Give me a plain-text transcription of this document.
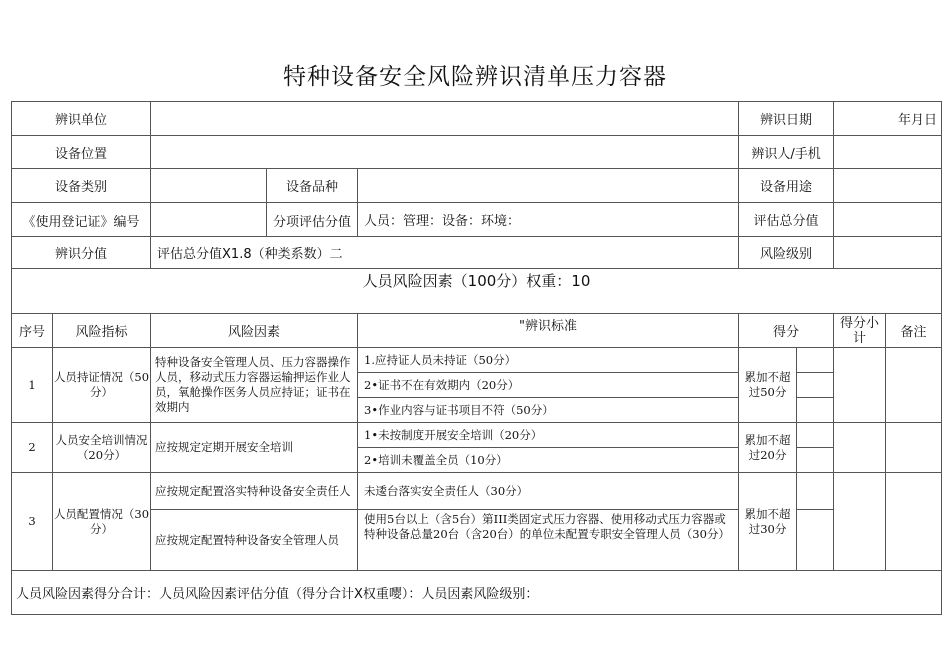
特种设备安全风险辨识清单压力容器
辨识单位					辨识日期		年月日	
设备位置					辨识人/手机			
设备类别			设备品种		设备用途			

《使用登记证》编号			分项评估分值	人员：管理：设备：环境：	评估总分值			
辨识分值		评估总分值X1.8（种类系数）二			风险级别			
人员风险因素（100分）权重：10								

序号	风险指标	风险因素		"辨识标准	得分		得分小计	备注
1	人员持证情况（50分）	特种设备安全管理人员、压力容器操作人员，移动式压力容器运输押运作业人员，氧舱操作医务人员应持证；证书在效期内		1.应持证人员未持证（50分）	累加不超过50分			
				2•证书不在有效期内（20分）				
				3•作业内容与证书项目不符（50分）				
2	人员安全培训情况（20分）	应按规定定期开展安全培训		1•未按制度开展安全培训（20分）	累加不超过20分			
				2•培训未覆盖全员（10分）				
3	人员配置情况（30分）	应按规定配置洛实特种设备安全责任人		未逶台落实安全责任人（30分）	累加不超过30分			
		应按规定配置特种设备安全管理人员		使用5台以上（含5台）第III类固定式压力容器、使用移动式压力容器或特种设备总量20台（含20台）的单位未配置专职安全管理人员（30分）				

人员风险因素得分合计：人员风险因素评估分值（得分合计X权重嘤）：人员因素风险级别：								
